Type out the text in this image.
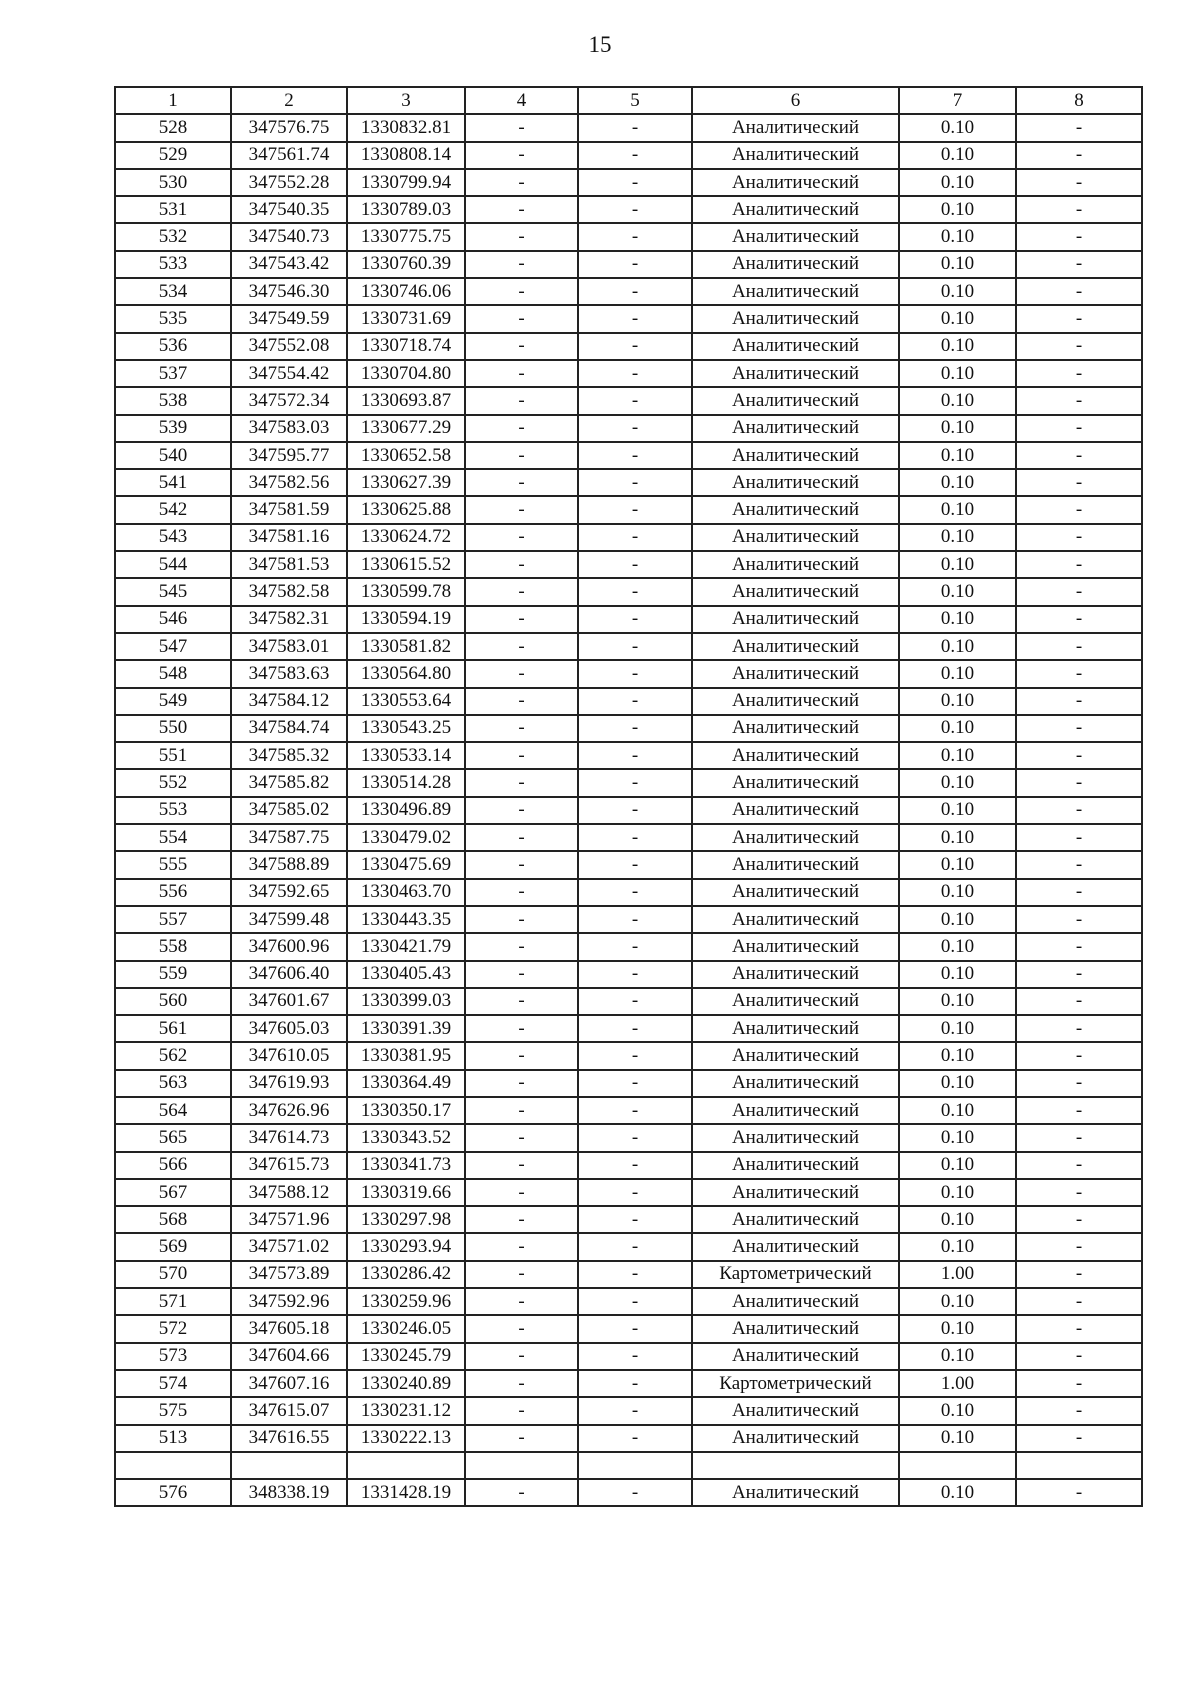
15
1	2	3	4	5	6	7	8
528	347576.75	1330832.81	-	-	Аналитический	0.10	-
529	347561.74	1330808.14	-	-	Аналитический	0.10	-
530	347552.28	1330799.94	-	-	Аналитический	0.10	-
531	347540.35	1330789.03	-	-	Аналитический	0.10	-
532	347540.73	1330775.75	-	-	Аналитический	0.10	-
533	347543.42	1330760.39	-	-	Аналитический	0.10	-
534	347546.30	1330746.06	-	-	Аналитический	0.10	-
535	347549.59	1330731.69	-	-	Аналитический	0.10	-
536	347552.08	1330718.74	-	-	Аналитический	0.10	-
537	347554.42	1330704.80	-	-	Аналитический	0.10	-
538	347572.34	1330693.87	-	-	Аналитический	0.10	-
539	347583.03	1330677.29	-	-	Аналитический	0.10	-
540	347595.77	1330652.58	-	-	Аналитический	0.10	-
541	347582.56	1330627.39	-	-	Аналитический	0.10	-
542	347581.59	1330625.88	-	-	Аналитический	0.10	-
543	347581.16	1330624.72	-	-	Аналитический	0.10	-
544	347581.53	1330615.52	-	-	Аналитический	0.10	-
545	347582.58	1330599.78	-	-	Аналитический	0.10	-
546	347582.31	1330594.19	-	-	Аналитический	0.10	-
547	347583.01	1330581.82	-	-	Аналитический	0.10	-
548	347583.63	1330564.80	-	-	Аналитический	0.10	-
549	347584.12	1330553.64	-	-	Аналитический	0.10	-
550	347584.74	1330543.25	-	-	Аналитический	0.10	-
551	347585.32	1330533.14	-	-	Аналитический	0.10	-
552	347585.82	1330514.28	-	-	Аналитический	0.10	-
553	347585.02	1330496.89	-	-	Аналитический	0.10	-
554	347587.75	1330479.02	-	-	Аналитический	0.10	-
555	347588.89	1330475.69	-	-	Аналитический	0.10	-
556	347592.65	1330463.70	-	-	Аналитический	0.10	-
557	347599.48	1330443.35	-	-	Аналитический	0.10	-
558	347600.96	1330421.79	-	-	Аналитический	0.10	-
559	347606.40	1330405.43	-	-	Аналитический	0.10	-
560	347601.67	1330399.03	-	-	Аналитический	0.10	-
561	347605.03	1330391.39	-	-	Аналитический	0.10	-
562	347610.05	1330381.95	-	-	Аналитический	0.10	-
563	347619.93	1330364.49	-	-	Аналитический	0.10	-
564	347626.96	1330350.17	-	-	Аналитический	0.10	-
565	347614.73	1330343.52	-	-	Аналитический	0.10	-
566	347615.73	1330341.73	-	-	Аналитический	0.10	-
567	347588.12	1330319.66	-	-	Аналитический	0.10	-
568	347571.96	1330297.98	-	-	Аналитический	0.10	-
569	347571.02	1330293.94	-	-	Аналитический	0.10	-
570	347573.89	1330286.42	-	-	Картометрический	1.00	-
571	347592.96	1330259.96	-	-	Аналитический	0.10	-
572	347605.18	1330246.05	-	-	Аналитический	0.10	-
573	347604.66	1330245.79	-	-	Аналитический	0.10	-
574	347607.16	1330240.89	-	-	Картометрический	1.00	-
575	347615.07	1330231.12	-	-	Аналитический	0.10	-
513	347616.55	1330222.13	-	-	Аналитический	0.10	-

576	348338.19	1331428.19	-	-	Аналитический	0.10	-
